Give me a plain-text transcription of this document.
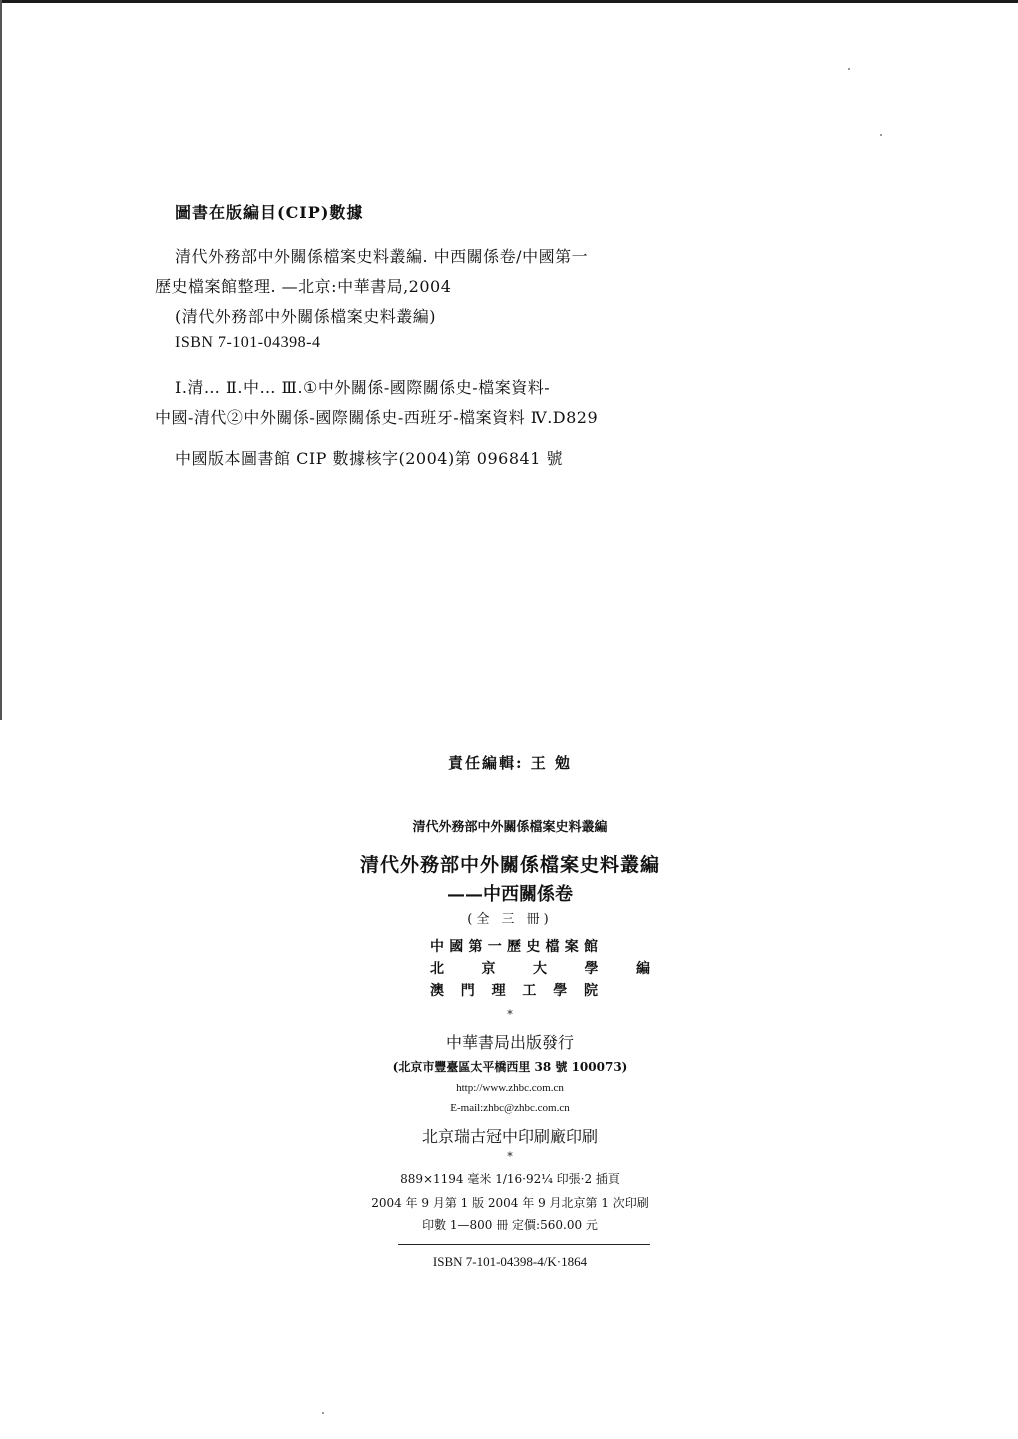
圖書在版編目(CIP)數據
清代外務部中外關係檔案史料叢編. 中西關係卷/中國第一
歷史檔案館整理. —北京:中華書局,2004
(清代外務部中外關係檔案史料叢編)
ISBN 7-101-04398-4
Ⅰ.清… Ⅱ.中… Ⅲ.①中外關係-國際關係史-檔案資料-
中國-清代②中外關係-國際關係史-西班牙-檔案資料 Ⅳ.D829
中國版本圖書館 CIP 數據核字(2004)第 096841 號
責任編輯: 王 勉
清代外務部中外關係檔案史料叢編
清代外務部中外關係檔案史料叢編
——中西關係卷
(全 三 冊)
中 國 第 一 歷 史 檔 案 館
北	京	大	學	編
澳 門 理 工 學 院
*
中華書局出版發行
(北京市豐臺區太平橋西里 38 號 100073)
http://www.zhbc.com.cn
E-mail:zhbc@zhbc.com.cn
北京瑞古冠中印刷廠印刷
*
889×1194 毫米 1/16·92¼ 印張·2 插頁
2004 年 9 月第 1 版 2004 年 9 月北京第 1 次印刷
印數 1—800 冊 定價:560.00 元
ISBN 7-101-04398-4/K·1864
